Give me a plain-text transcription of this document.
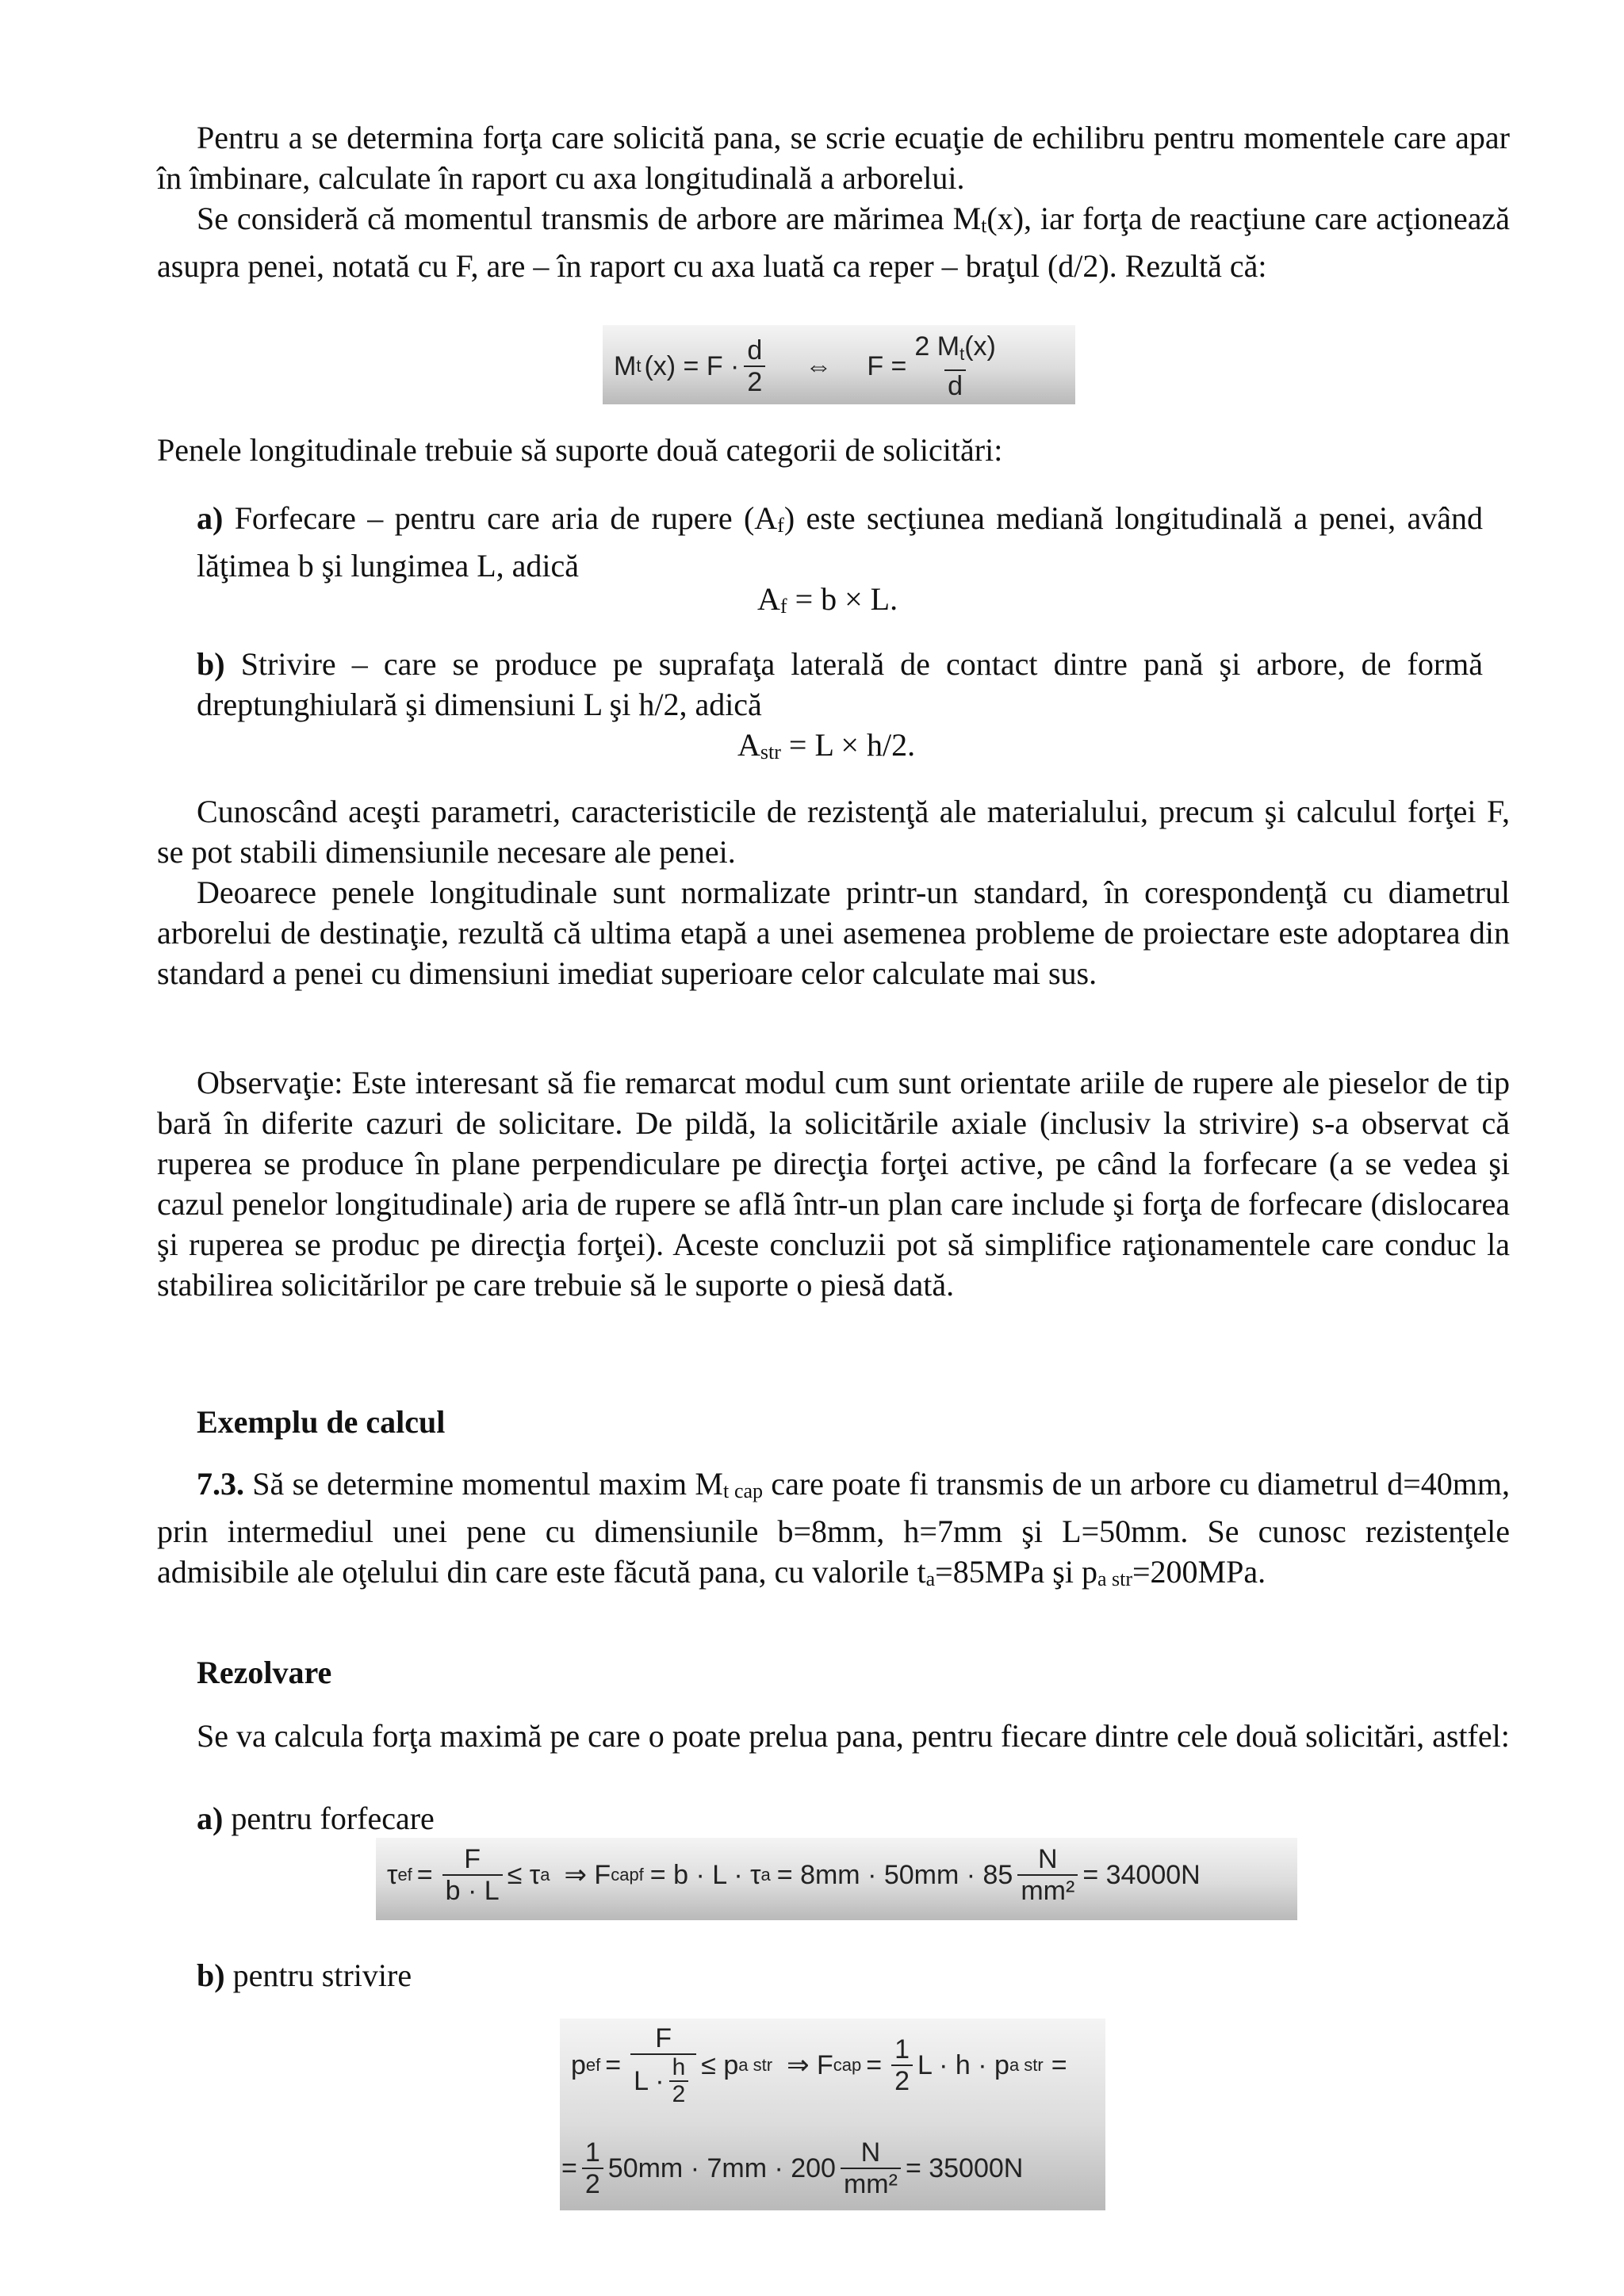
Pentru a se determina forţa care solicită pana, se scrie ecuaţie de echilibru pentru momentele care apar în îmbinare, calculate în raport cu axa longitudinală a arborelui.

Se consideră că momentul transmis de arbore are mărimea $M_t(x)$, iar forţa de reacţiune care acţionează asupra penei, notată cu F, are – în raport cu axa luată ca reper – braţul (d/2). Rezultă că:

M t (x) = F ·
d
2
⇔ $F = \frac{2 Mt(x)}{d}$

Penele longitudinale trebuie să suporte două categorii de solicitări:

a) Forfecare – pentru care aria de rupere $(A_f)$ este secţiunea mediană longitudinală a penei, având lăţimea b şi lungimea L, adică

$A_f = b \times L$.

b) Strivire – care se produce pe suprafaţa laterală de contact dintre pană şi arbore, de formă dreptunghiulară şi dimensiuni L şi h/2, adică

$A_{str} = L \times h/2$.

Cunoscând aceşti parametri, caracteristicile de rezistenţă ale materialului, precum şi calculul forţei F, se pot stabili dimensiunile necesare ale penei.

Deoarece penele longitudinale sunt normalizate printr-un standard, în corespondenţă cu diametrul arborelui de destinaţie, rezultă că ultima etapă a unei asemenea probleme de proiectare este adoptarea din standard a penei cu dimensiuni imediat superioare celor calculate mai sus.

Observaţie: Este interesant să fie remarcat modul cum sunt orientate ariile de rupere ale pieselor de tip bară în diferite cazuri de solicitare. De pildă, la solicitările axiale (inclusiv la strivire) s-a observat că ruperea se produce în plane perpendiculare pe direcţia forţei active, pe când la forfecare (a se vedea şi cazul penelor longitudinale) aria de rupere se află într-un plan care include şi forţa de forfecare (dislocarea şi ruperea se produc pe direcţia forţei). Aceste concluzii pot să simplifice raţionamentele care conduc la stabilirea solicitărilor pe care trebuie să le suporte o piesă dată.

Exemplu de calcul

7.3. Să se determine momentul maxim $M_{t cap}$ care poate fi transmis de un arbore cu diametrul d=40mm, prin intermediul unei pene cu dimensiunile b=8mm, h=7mm şi L=50mm. Se cunosc rezistenţele admisibile ale oţelului din care este făcută pana, cu valorile $t_a=85MPa$ şi $p_{a str}=200MPa$.

Rezolvare

Se va calcula forţa maximă pe care o poate prelua pana, pentru fiecare dintre cele două solicitări, astfel:

a) pentru forfecare

τ ef = $\frac{F}{b \cdot L} \le \tau$ a ⇒ F capf = b · L · τ $a = 8mm \cdot 50mm \cdot 85 \frac{N}{\text{mm²}} = 34000N$

b) pentru strivire

p ef = F
L · h
2 ≤ p a str ⇒ F cap = $\frac{1}{2}$ L · h · p a str =
= $\frac{1}{2} 50mm \cdot 7mm \cdot 200 \frac{N}{\text{mm²}} = 35000N$
